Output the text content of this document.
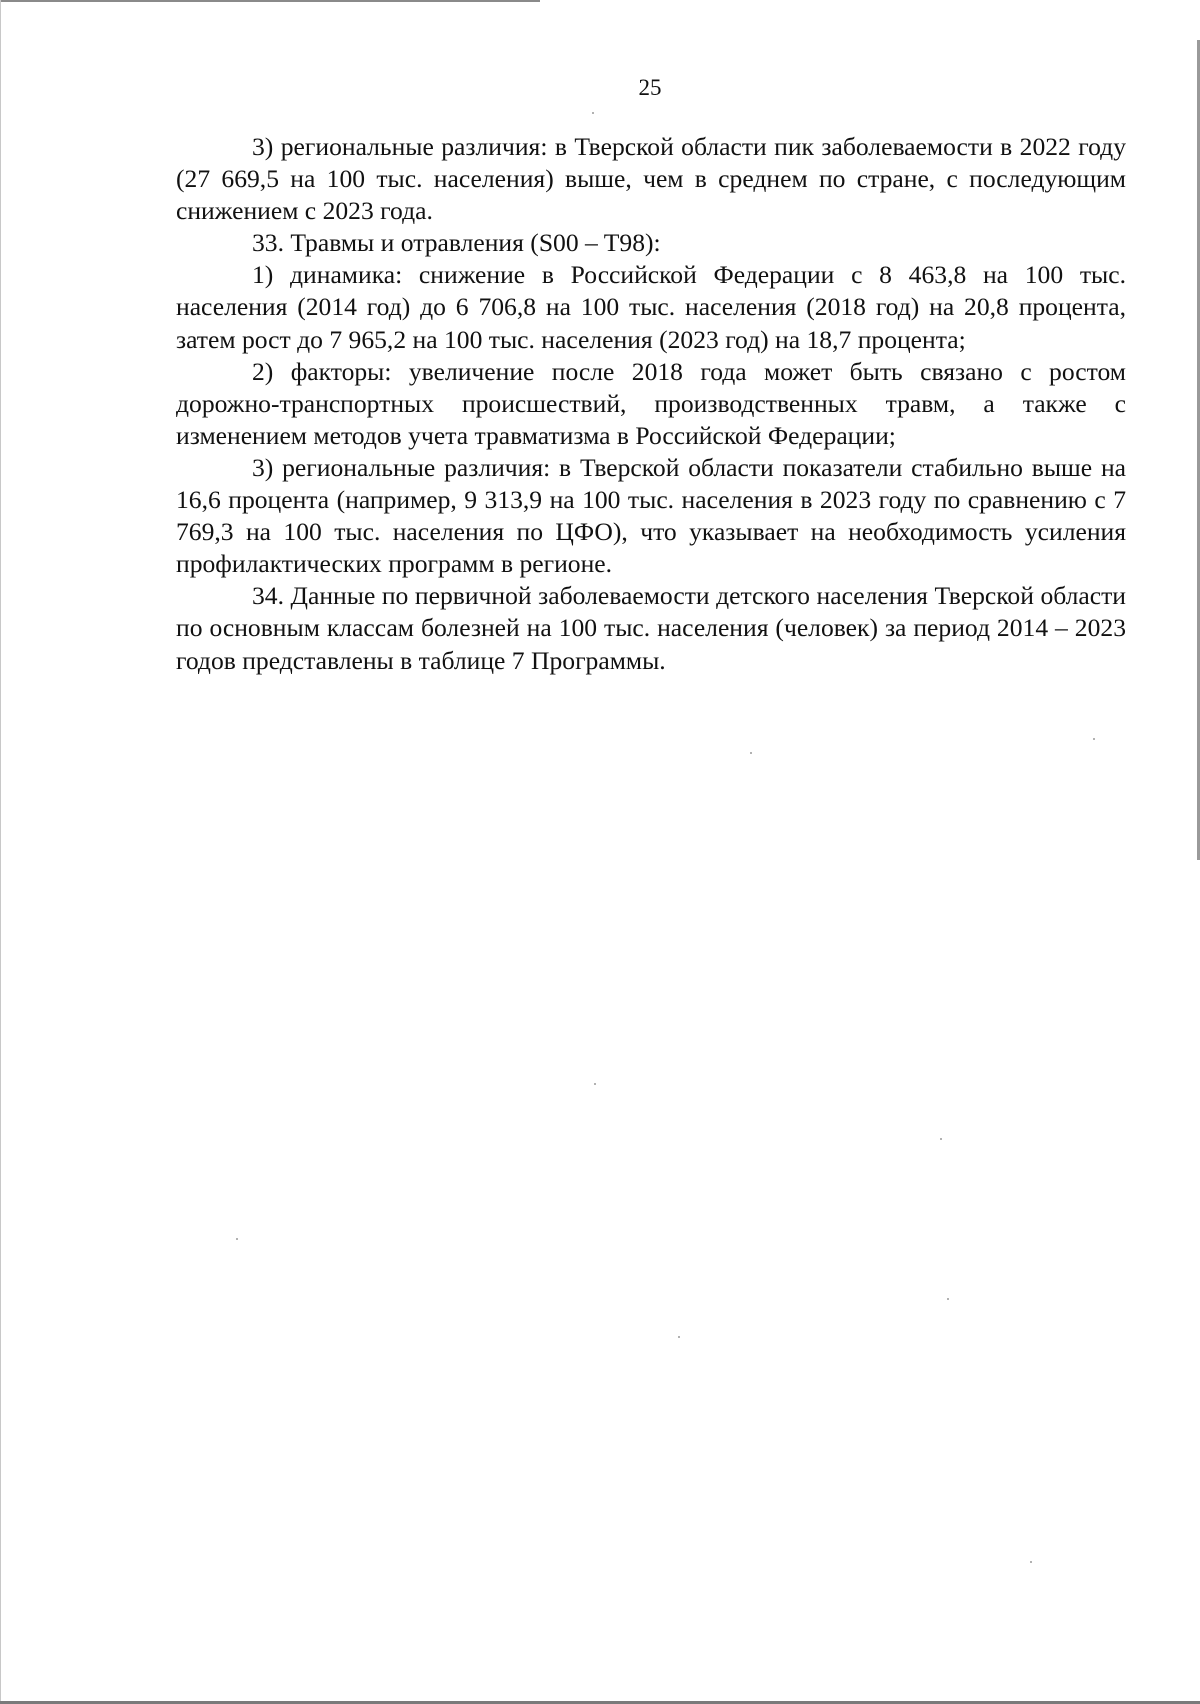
25

3) региональные различия: в Тверской области пик заболеваемости в 2022 году (27 669,5 на 100 тыс. населения) выше, чем в среднем по стране, с последующим снижением с 2023 года.

33. Травмы и отравления (S00 – T98):

1) динамика: снижение в Российской Федерации с 8 463,8 на 100 тыс. населения (2014 год) до 6 706,8 на 100 тыс. населения (2018 год) на 20,8 процента, затем рост до 7 965,2 на 100 тыс. населения (2023 год) на 18,7 процента;

2) факторы: увеличение после 2018 года может быть связано с ростом дорожно-транспортных происшествий, производственных травм, а также с изменением методов учета травматизма в Российской Федерации;

3) региональные различия: в Тверской области показатели стабильно выше на 16,6 процента (например, 9 313,9 на 100 тыс. населения в 2023 году по сравнению с 7 769,3 на 100 тыс. населения по ЦФО), что указывает на необходимость усиления профилактических программ в регионе.

34. Данные по первичной заболеваемости детского населения Тверской области по основным классам болезней на 100 тыс. населения (человек) за период 2014 – 2023 годов представлены в таблице 7 Программы.
